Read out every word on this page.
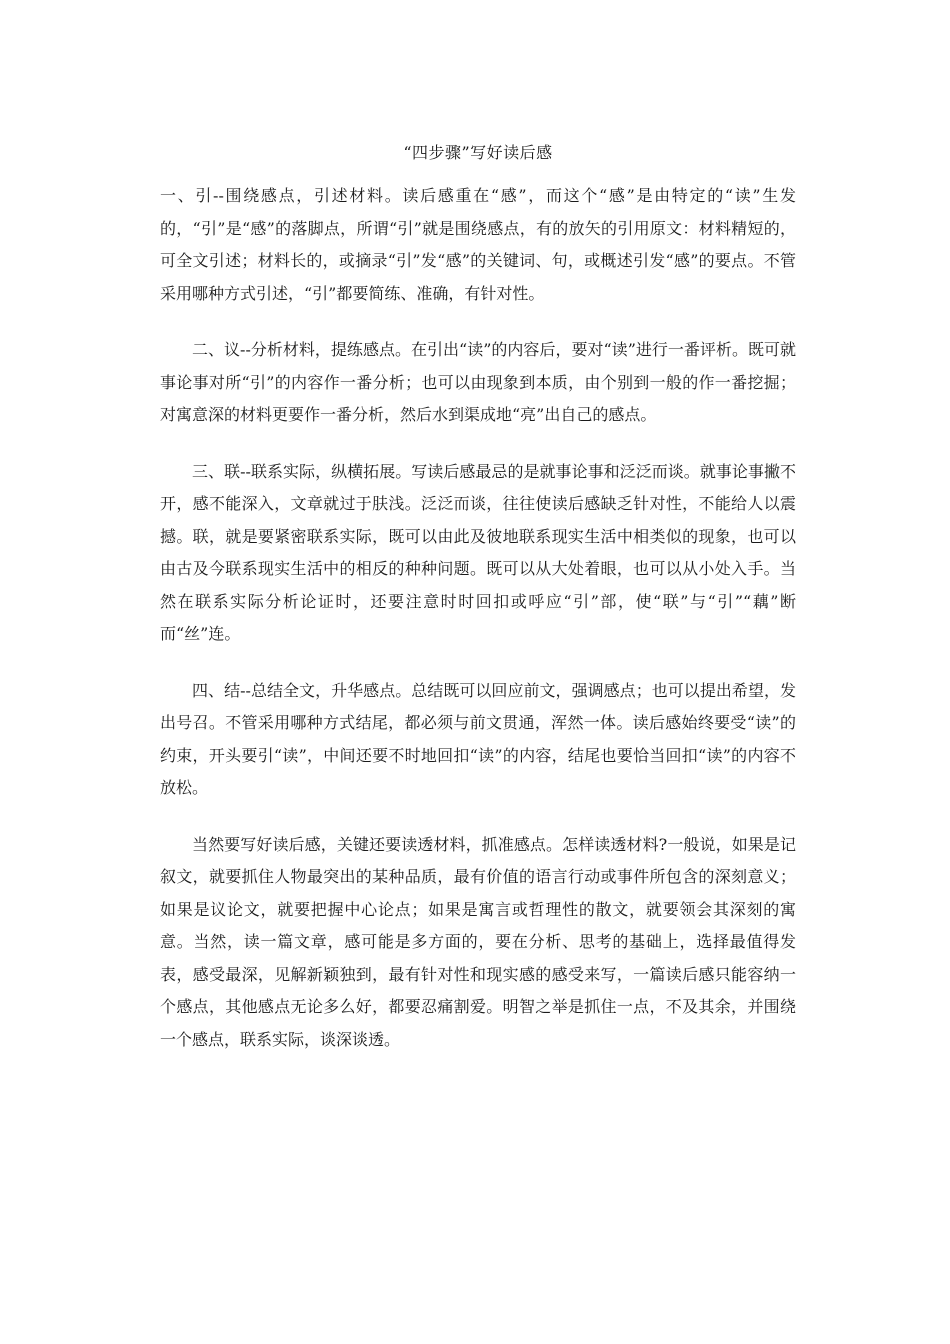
“四步骤”写好读后感

一、引--围绕感点，引述材料。读后感重在“感”，而这个“感”是由特定的“读”生发的，“引”是“感”的落脚点，所谓“引”就是围绕感点，有的放矢的引用原文：材料精短的，可全文引述；材料长的，或摘录“引”发“感”的关键词、句，或概述引发“感”的要点。不管采用哪种方式引述，“引”都要简练、准确，有针对性。

二、议--分析材料，提练感点。在引出“读”的内容后，要对“读”进行一番评析。既可就事论事对所“引”的内容作一番分析；也可以由现象到本质，由个别到一般的作一番挖掘；对寓意深的材料更要作一番分析，然后水到渠成地“亮”出自己的感点。

三、联--联系实际，纵横拓展。写读后感最忌的是就事论事和泛泛而谈。就事论事撇不开，感不能深入，文章就过于肤浅。泛泛而谈，往往使读后感缺乏针对性，不能给人以震撼。联，就是要紧密联系实际，既可以由此及彼地联系现实生活中相类似的现象，也可以由古及今联系现实生活中的相反的种种问题。既可以从大处着眼，也可以从小处入手。当然在联系实际分析论证时，还要注意时时回扣或呼应“引”部，使“联”与“引”“藕”断而“丝”连。

四、结--总结全文，升华感点。总结既可以回应前文，强调感点；也可以提出希望，发出号召。不管采用哪种方式结尾，都必须与前文贯通，浑然一体。读后感始终要受“读”的约束，开头要引“读”，中间还要不时地回扣“读”的内容，结尾也要恰当回扣“读”的内容不放松。

当然要写好读后感，关键还要读透材料，抓准感点。怎样读透材料?一般说，如果是记叙文，就要抓住人物最突出的某种品质，最有价值的语言行动或事件所包含的深刻意义；如果是议论文，就要把握中心论点；如果是寓言或哲理性的散文，就要领会其深刻的寓意。当然，读一篇文章，感可能是多方面的，要在分析、思考的基础上，选择最值得发表，感受最深，见解新颖独到，最有针对性和现实感的感受来写，一篇读后感只能容纳一个感点，其他感点无论多么好，都要忍痛割爱。明智之举是抓住一点，不及其余，并围绕一个感点，联系实际，谈深谈透。
